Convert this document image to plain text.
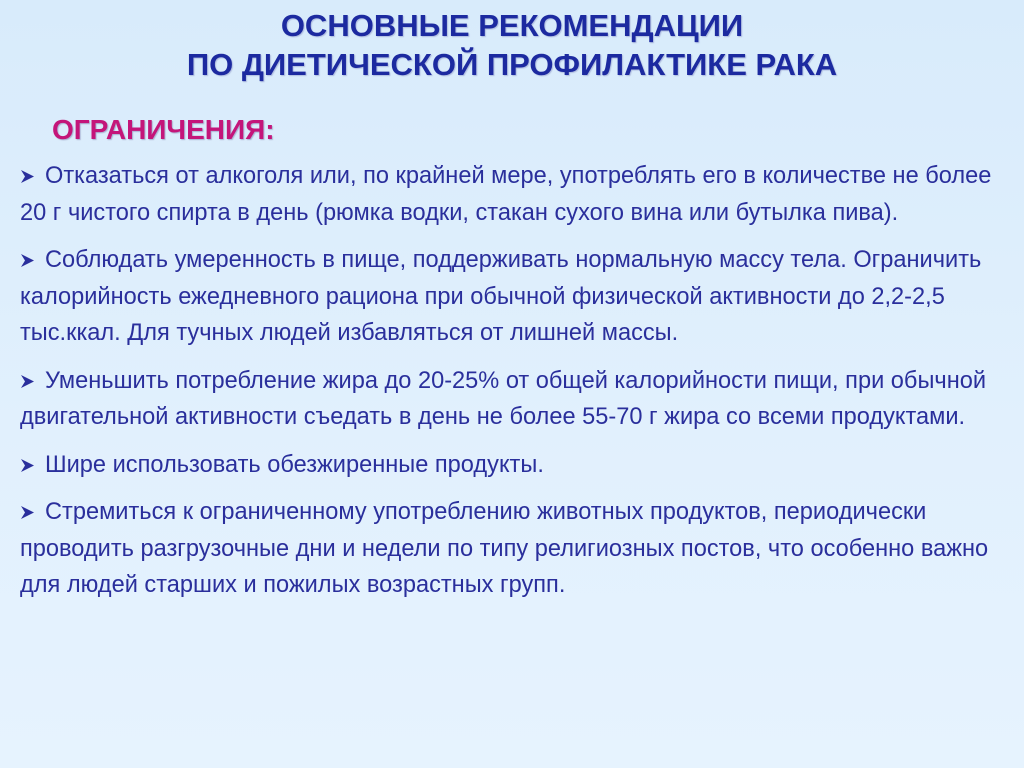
ОСНОВНЫЕ РЕКОМЕНДАЦИИ
ПО ДИЕТИЧЕСКОЙ ПРОФИЛАКТИКЕ РАКА
ОГРАНИЧЕНИЯ:
Отказаться от алкоголя или, по крайней мере, употреблять его в количестве не более 20 г чистого спирта в день (рюмка водки, стакан сухого вина или бутылка пива).
Соблюдать умеренность в пище, поддерживать нормальную массу тела. Ограничить калорийность ежедневного рациона при обычной физической активности до 2,2-2,5 тыс.ккал. Для тучных людей избавляться от лишней массы.
Уменьшить потребление жира до 20-25% от общей калорийности пищи, при обычной двигательной активности съедать в день не более 55-70 г жира со всеми продуктами.
Шире использовать обезжиренные продукты.
Стремиться к ограниченному употреблению животных продуктов, периодически проводить разгрузочные дни и недели по типу религиозных постов, что особенно важно для людей старших и пожилых возрастных групп.
